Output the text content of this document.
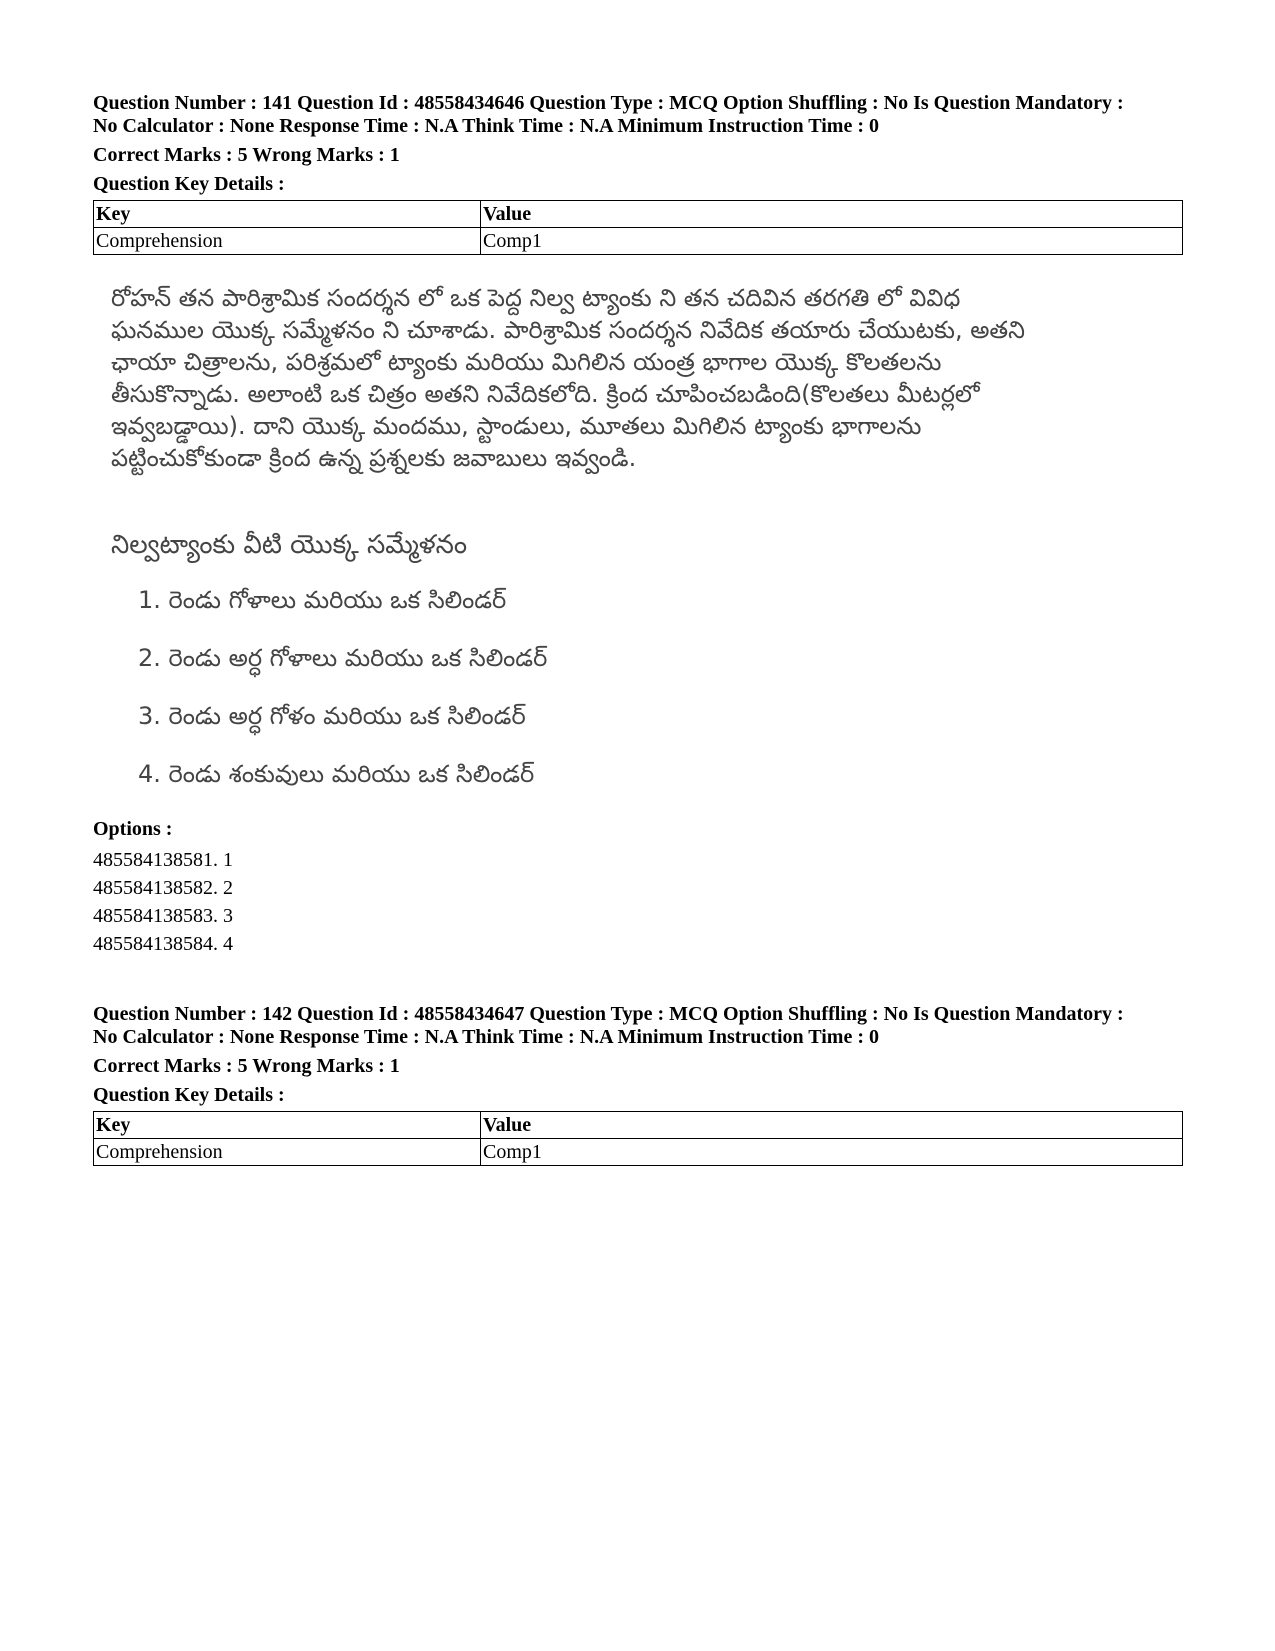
Question Number : 141 Question Id : 48558434646 Question Type : MCQ Option Shuffling : No Is Question Mandatory :

No Calculator : None Response Time : N.A Think Time : N.A Minimum Instruction Time : 0

Correct Marks : 5 Wrong Marks : 1
Question Key Details :
Key	Value
Comprehension	Comp1
రోహన్ తన పారిశ్రామిక సందర్శన లో ఒక పెద్ద నిల్వ ట్యాంకు ని తన చదివిన తరగతి లో వివిధ
ఘనముల యొక్క సమ్మేళనం ని చూశాడు. పారిశ్రామిక సందర్శన నివేదిక తయారు చేయుటకు, అతని
ఛాయా చిత్రాలను, పరిశ్రమలో ట్యాంకు మరియు మిగిలిన యంత్ర భాగాల యొక్క కొలతలను
తీసుకొన్నాడు. అలాంటి ఒక చిత్రం అతని నివేదికలోది. క్రింద చూపించబడింది(కొలతలు మీటర్లలో
ఇవ్వబడ్డాయి). దాని యొక్క మందము, స్టాండులు, మూతలు మిగిలిన ట్యాంకు భాగాలను
పట్టించుకోకుండా క్రింద ఉన్న ప్రశ్నలకు జవాబులు ఇవ్వండి.
నిల్వట్యాంకు వీటి యొక్క సమ్మేళనం
1. రెండు గోళాలు మరియు ఒక సిలిండర్
2. రెండు అర్ధ గోళాలు మరియు ఒక సిలిండర్
3. రెండు అర్ధ గోళం మరియు ఒక సిలిండర్
4. రెండు శంకువులు మరియు ఒక సిలిండర్
Options :
485584138581. 1
485584138582. 2
485584138583. 3
485584138584. 4

Question Number : 142 Question Id : 48558434647 Question Type : MCQ Option Shuffling : No Is Question Mandatory :

No Calculator : None Response Time : N.A Think Time : N.A Minimum Instruction Time : 0

Correct Marks : 5 Wrong Marks : 1
Question Key Details :
Key	Value
Comprehension	Comp1
